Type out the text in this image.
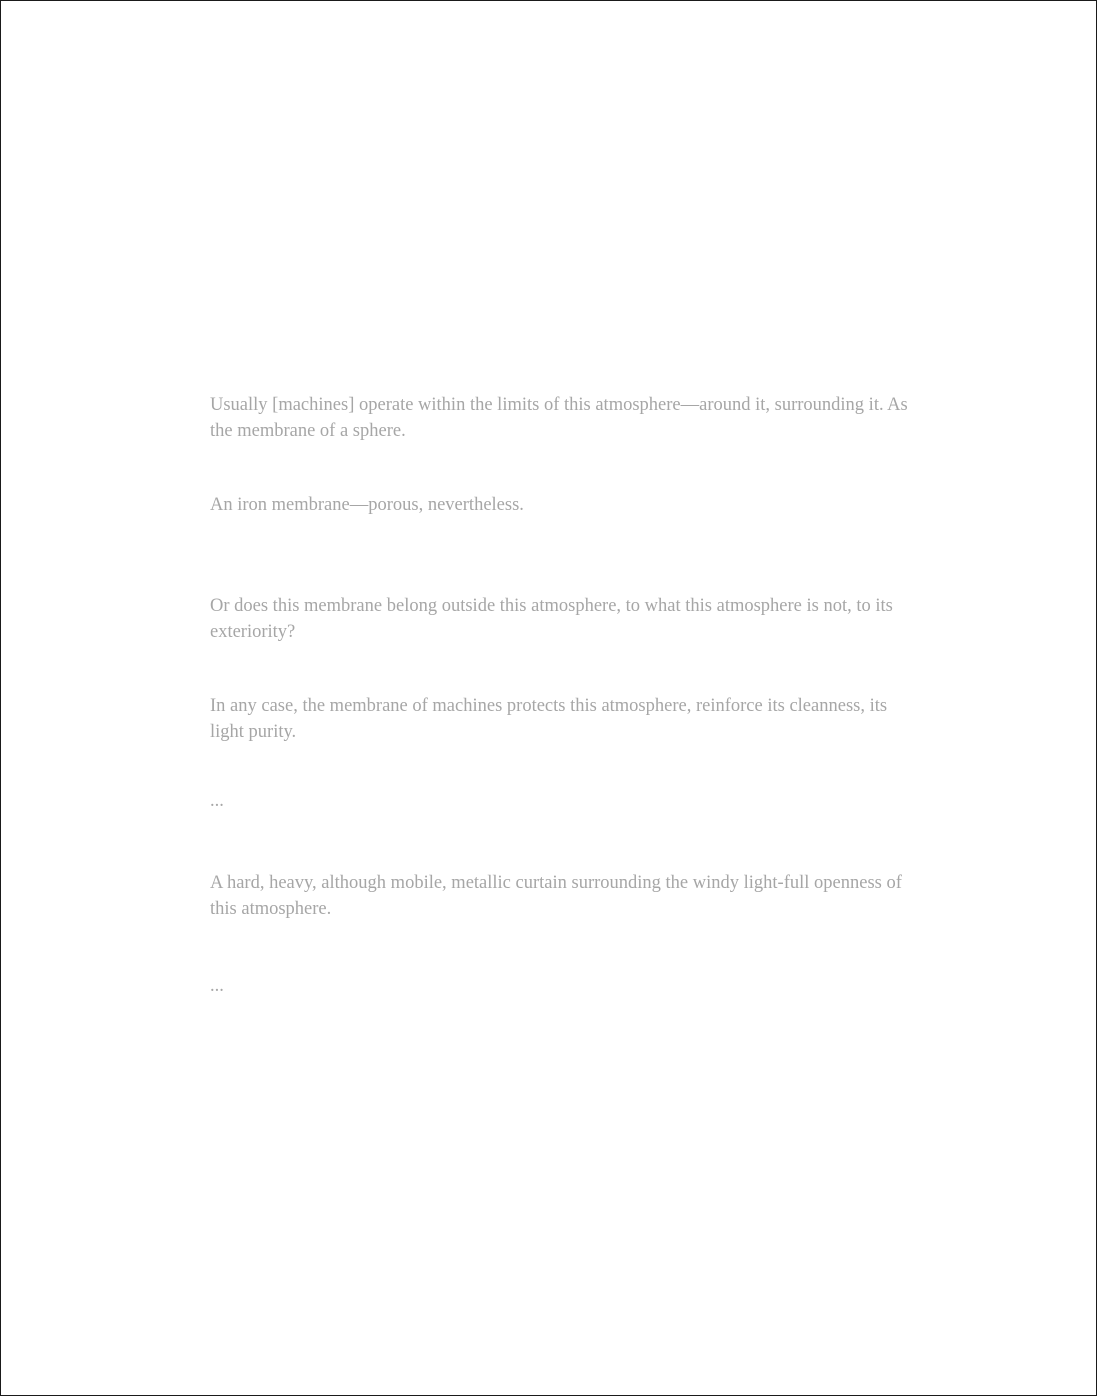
Usually [machines] operate within the limits of this atmosphere—around it, surrounding it. As the membrane of a sphere.

An iron membrane—porous, nevertheless.

Or does this membrane belong outside this atmosphere, to what this atmosphere is not, to its exteriority?

In any case, the membrane of machines protects this atmosphere, reinforce its cleanness, its light purity.

...

A hard, heavy, although mobile, metallic curtain surrounding the windy light-full openness of this atmosphere.

...
